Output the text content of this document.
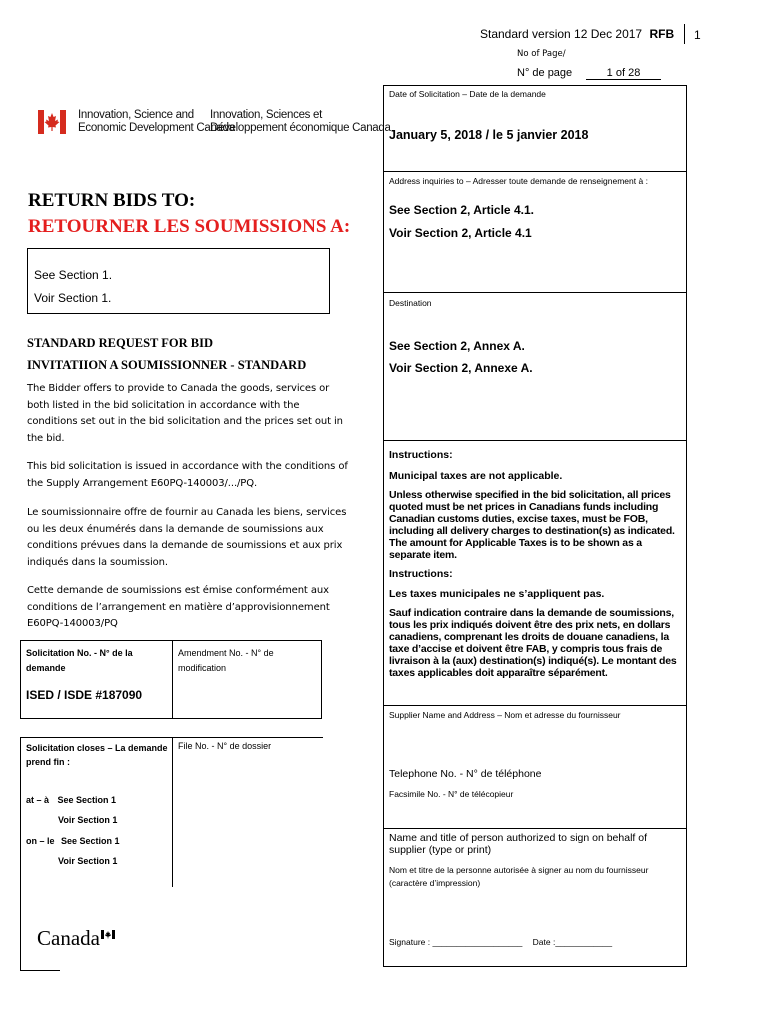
Standard version 12 Dec 2017 RFB 1
No of Page/
N° de page	1 of 28
Innovation, Science and
Economic Development Canada
Innovation, Sciences et
Développement économique Canada
RETURN BIDS TO:
RETOURNER LES SOUMISSIONS A:
See Section 1.
Voir Section 1.
STANDARD REQUEST FOR BID
INVITATIION A SOUMISSIONNER - STANDARD
The Bidder offers to provide to Canada the goods, services or
both listed in the bid solicitation in accordance with the
conditions set out in the bid solicitation and the prices set out in
the bid.
This bid solicitation is issued in accordance with the conditions of
the Supply Arrangement E60PQ-140003/.../PQ.
Le soumissionnaire offre de fournir au Canada les biens, services
ou les deux énumérés dans la demande de soumissions aux
conditions prévues dans la demande de soumissions et aux prix
indiqués dans la soumission.
Cette demande de soumissions est émise conformément aux
conditions de l’arrangement en matière d’approvisionnement
E60PQ-140003/PQ
Solicitation No. - N° de la
demande
Amendment No. - N° de
modification
ISED / ISDE #187090
Solicitation closes – La demande
prend fin :
File No. - N° de dossier
at – à See Section 1
Voir Section 1
on – le See Section 1
Voir Section 1
Canada
Date of Solicitation – Date de la demande
January 5, 2018 / le 5 janvier 2018
Address inquiries to – Adresser toute demande de renseignement à :
See Section 2, Article 4.1.
Voir Section 2, Article 4.1
Destination
See Section 2, Annex A.
Voir Section 2, Annexe A.
Instructions:
Municipal taxes are not applicable.
Unless otherwise specified in the bid solicitation, all prices
quoted must be net prices in Canadians funds including
Canadian customs duties, excise taxes, must be FOB,
including all delivery charges to destination(s) as indicated.
The amount for Applicable Taxes is to be shown as a
separate item.
Instructions:
Les taxes municipales ne s’appliquent pas.
Sauf indication contraire dans la demande de soumissions,
tous les prix indiqués doivent être des prix nets, en dollars
canadiens, comprenant les droits de douane canadiens, la
taxe d’accise et doivent être FAB, y compris tous frais de
livraison à la (aux) destination(s) indiqué(s). Le montant des
taxes applicables doit apparaître séparément.
Supplier Name and Address – Nom et adresse du fournisseur
Telephone No. - N° de téléphone
Facsimile No. - N° de télécopieur
Name and title of person authorized to sign on behalf of
supplier (type or print)
Nom et titre de la personne autorisée à signer au nom du fournisseur
(caractère d’impression)
Signature : ___________________ Date :____________
